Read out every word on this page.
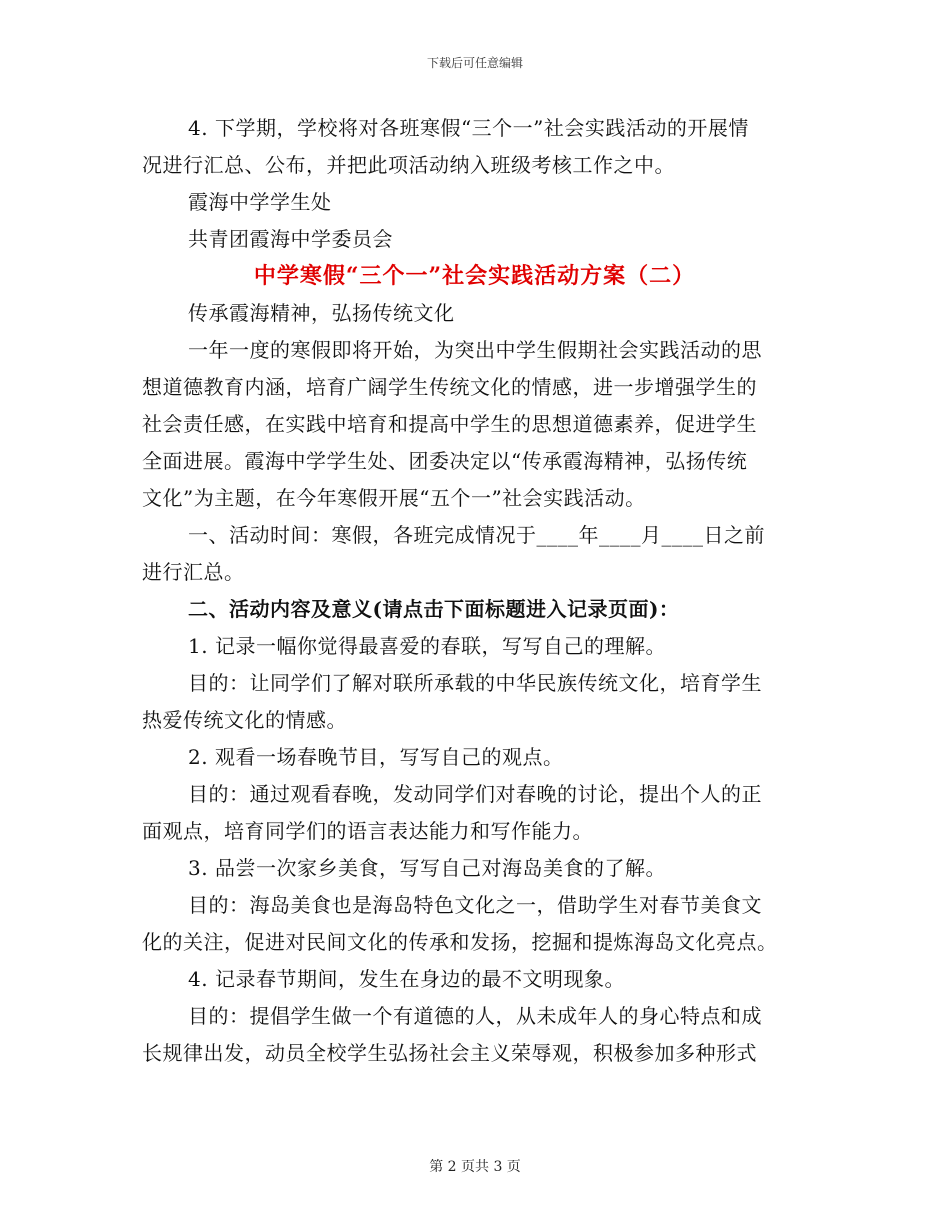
下载后可任意编辑
4. 下学期，学校将对各班寒假“三个一”社会实践活动的开展情
况进行汇总、公布，并把此项活动纳入班级考核工作之中。
霞海中学学生处
共青团霞海中学委员会
中学寒假“三个一”社会实践活动方案（二）
传承霞海精神，弘扬传统文化
一年一度的寒假即将开始，为突出中学生假期社会实践活动的思
想道德教育内涵，培育广阔学生传统文化的情感，进一步增强学生的
社会责任感，在实践中培育和提高中学生的思想道德素养，促进学生
全面进展。霞海中学学生处、团委决定以“传承霞海精神，弘扬传统
文化”为主题，在今年寒假开展“五个一”社会实践活动。
一、活动时间：寒假，各班完成情况于____年____月____日之前
进行汇总。
二、活动内容及意义(请点击下面标题进入记录页面)：
1. 记录一幅你觉得最喜爱的春联，写写自己的理解。
目的：让同学们了解对联所承载的中华民族传统文化，培育学生
热爱传统文化的情感。
2. 观看一场春晚节目，写写自己的观点。
目的：通过观看春晚，发动同学们对春晚的讨论，提出个人的正
面观点，培育同学们的语言表达能力和写作能力。
3. 品尝一次家乡美食，写写自己对海岛美食的了解。
目的：海岛美食也是海岛特色文化之一，借助学生对春节美食文
化的关注，促进对民间文化的传承和发扬，挖掘和提炼海岛文化亮点。
4. 记录春节期间，发生在身边的最不文明现象。
目的：提倡学生做一个有道德的人，从未成年人的身心特点和成
长规律出发，动员全校学生弘扬社会主义荣辱观，积极参加多种形式
第 2 页共 3 页
